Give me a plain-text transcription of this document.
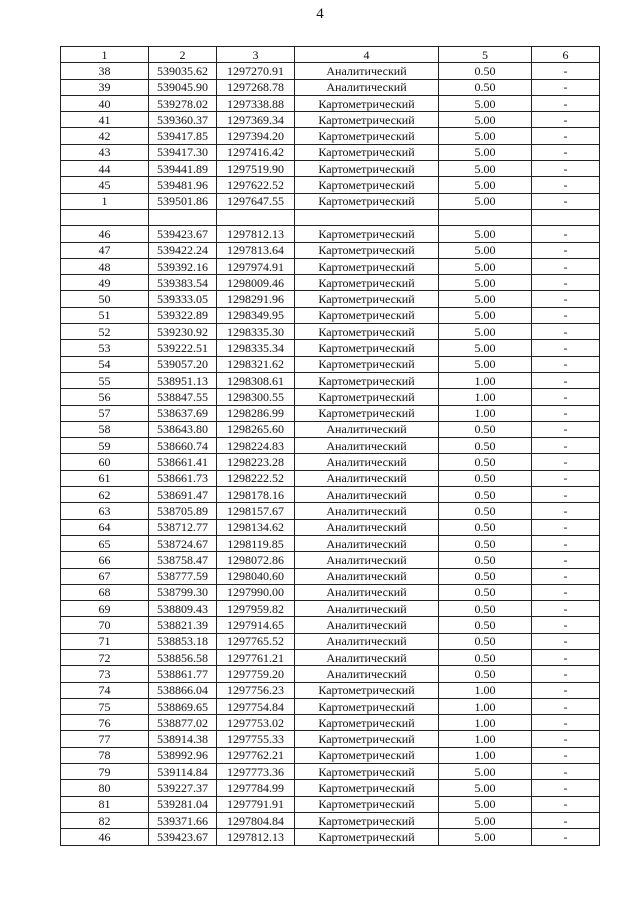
4
1	2	3	4	5	6
38	539035.62	1297270.91	Аналитический	0.50	-
39	539045.90	1297268.78	Аналитический	0.50	-
40	539278.02	1297338.88	Картометрический	5.00	-
41	539360.37	1297369.34	Картометрический	5.00	-
42	539417.85	1297394.20	Картометрический	5.00	-
43	539417.30	1297416.42	Картометрический	5.00	-
44	539441.89	1297519.90	Картометрический	5.00	-
45	539481.96	1297622.52	Картометрический	5.00	-
1	539501.86	1297647.55	Картометрический	5.00	-

46	539423.67	1297812.13	Картометрический	5.00	-
47	539422.24	1297813.64	Картометрический	5.00	-
48	539392.16	1297974.91	Картометрический	5.00	-
49	539383.54	1298009.46	Картометрический	5.00	-
50	539333.05	1298291.96	Картометрический	5.00	-
51	539322.89	1298349.95	Картометрический	5.00	-
52	539230.92	1298335.30	Картометрический	5.00	-
53	539222.51	1298335.34	Картометрический	5.00	-
54	539057.20	1298321.62	Картометрический	5.00	-
55	538951.13	1298308.61	Картометрический	1.00	-
56	538847.55	1298300.55	Картометрический	1.00	-
57	538637.69	1298286.99	Картометрический	1.00	-
58	538643.80	1298265.60	Аналитический	0.50	-
59	538660.74	1298224.83	Аналитический	0.50	-
60	538661.41	1298223.28	Аналитический	0.50	-
61	538661.73	1298222.52	Аналитический	0.50	-
62	538691.47	1298178.16	Аналитический	0.50	-
63	538705.89	1298157.67	Аналитический	0.50	-
64	538712.77	1298134.62	Аналитический	0.50	-
65	538724.67	1298119.85	Аналитический	0.50	-
66	538758.47	1298072.86	Аналитический	0.50	-
67	538777.59	1298040.60	Аналитический	0.50	-
68	538799.30	1297990.00	Аналитический	0.50	-
69	538809.43	1297959.82	Аналитический	0.50	-
70	538821.39	1297914.65	Аналитический	0.50	-
71	538853.18	1297765.52	Аналитический	0.50	-
72	538856.58	1297761.21	Аналитический	0.50	-
73	538861.77	1297759.20	Аналитический	0.50	-
74	538866.04	1297756.23	Картометрический	1.00	-
75	538869.65	1297754.84	Картометрический	1.00	-
76	538877.02	1297753.02	Картометрический	1.00	-
77	538914.38	1297755.33	Картометрический	1.00	-
78	538992.96	1297762.21	Картометрический	1.00	-
79	539114.84	1297773.36	Картометрический	5.00	-
80	539227.37	1297784.99	Картометрический	5.00	-
81	539281.04	1297791.91	Картометрический	5.00	-
82	539371.66	1297804.84	Картометрический	5.00	-
46	539423.67	1297812.13	Картометрический	5.00	-
